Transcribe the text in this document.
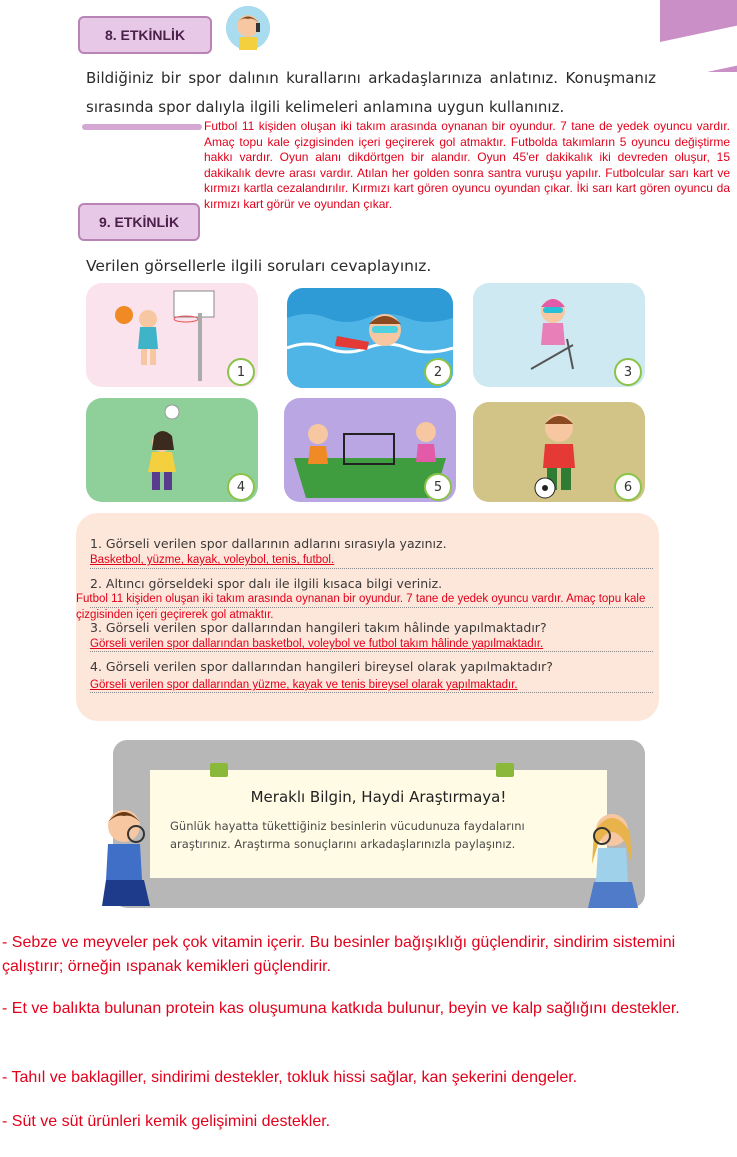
8. ETKİNLİK
Bildiğiniz bir spor dalının kurallarını arkadaşlarınıza anlatınız. Konuşmanız sırasında spor dalıyla ilgili kelimeleri anlamına uygun kullanınız.
Futbol 11 kişiden oluşan iki takım arasında oynanan bir oyundur. 7 tane de yedek oyuncu vardır. Amaç topu kale çizgisinden içeri geçirerek gol atmaktır. Futbolda takımların 5 oyuncu değiştirme hakkı vardır. Oyun alanı dikdörtgen bir alandır. Oyun 45'er dakikalık iki devreden oluşur, 15 dakikalık devre arası vardır. Atılan her golden sonra santra vuruşu yapılır. Futbolcular sarı kart ve kırmızı kartla cezalandırılır. Kırmızı kart gören oyuncu oyundan çıkar. İki sarı kart gören oyuncu da kırmızı kart görür ve oyundan çıkar.
9. ETKİNLİK
Verilen görsellerle ilgili soruları cevaplayınız.
1	2	3
4	5	6
1. Görseli verilen spor dallarının adlarını sırasıyla yazınız.
Basketbol, yüzme, kayak, voleybol, tenis, futbol.
2. Altıncı görseldeki spor dalı ile ilgili kısaca bilgi veriniz.
Futbol 11 kişiden oluşan iki takım arasında oynanan bir oyundur. 7 tane de yedek oyuncu vardır. Amaç topu kale çizgisinden içeri geçirerek gol atmaktır.
3. Görseli verilen spor dallarından hangileri takım hâlinde yapılmaktadır?
Görseli verilen spor dallarından basketbol, voleybol ve futbol takım hâlinde yapılmaktadır.
4. Görseli verilen spor dallarından hangileri bireysel olarak yapılmaktadır?
Görseli verilen spor dallarından yüzme, kayak ve tenis bireysel olarak yapılmaktadır.
Meraklı Bilgin, Haydi Araştırmaya!
Günlük hayatta tükettiğiniz besinlerin vücudunuza faydalarını araştırınız. Araştırma sonuçlarını arkadaşlarınızla paylaşınız.
- Sebze ve meyveler pek çok vitamin içerir. Bu besinler bağışıklığı güçlendirir, sindirim sistemini çalıştırır; örneğin ıspanak kemikleri güçlendirir.
- Et ve balıkta bulunan protein kas oluşumuna katkıda bulunur, beyin ve kalp sağlığını destekler.
- Tahıl ve baklagiller, sindirimi destekler, tokluk hissi sağlar, kan şekerini dengeler.
- Süt ve süt ürünleri kemik gelişimini destekler.
